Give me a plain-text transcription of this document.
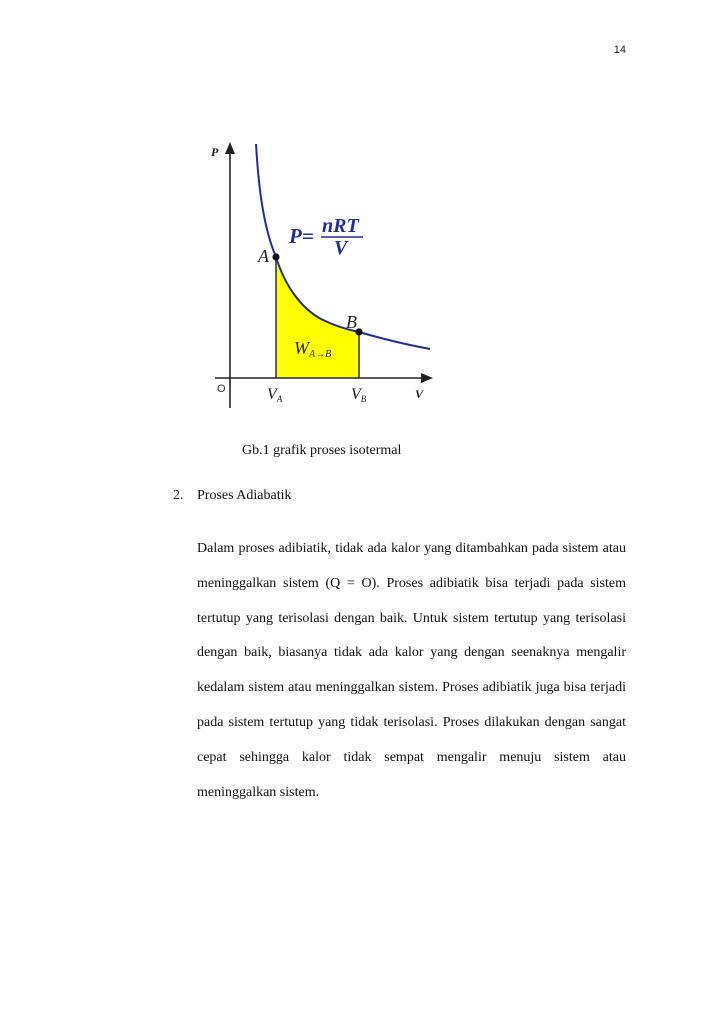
14
P
V
O
P= nRT
V
A
B
WA→B
VA	VB
Gb.1 grafik proses isotermal
2. Proses Adiabatik
Dalam proses adibiatik, tidak ada kalor yang ditambahkan pada sistem atau meninggalkan sistem (Q = O). Proses adibiatik bisa terjadi pada sistem tertutup yang terisolasi dengan baik. Untuk sistem tertutup yang terisolasi dengan baik, biasanya tidak ada kalor yang dengan seenaknya mengalir kedalam sistem atau meninggalkan sistem. Proses adibiatik juga bisa terjadi pada sistem tertutup yang tidak terisolasi. Proses dilakukan dengan sangat cepat sehingga kalor tidak sempat mengalir menuju sistem atau meninggalkan sistem.
